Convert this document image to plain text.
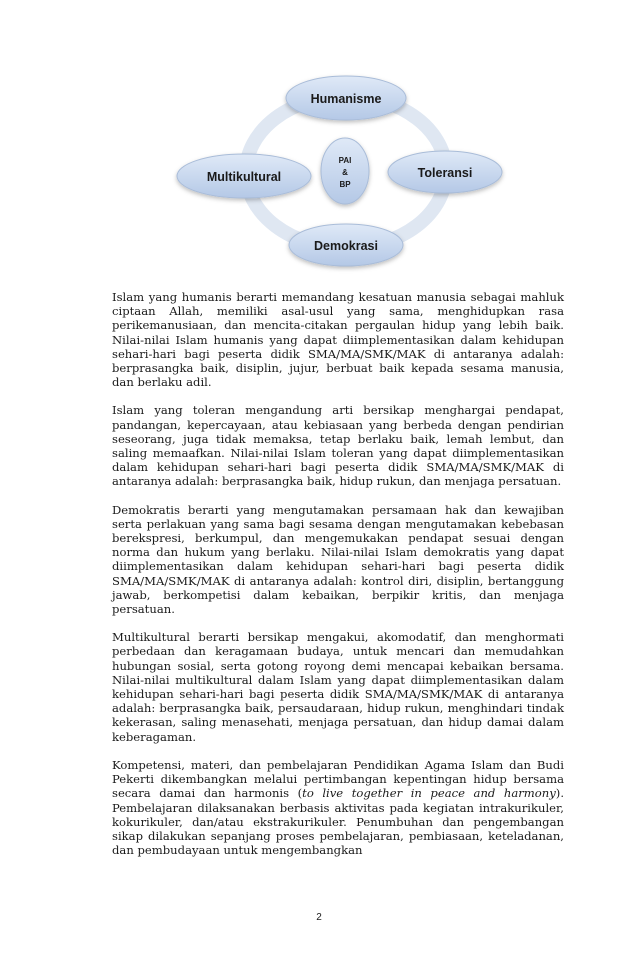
Humanisme
Toleransi
Demokrasi
Multikultural
PAI
&
BP

Islam yang humanis berarti memandang kesatuan manusia sebagai mahluk ciptaan Allah, memiliki asal-usul yang sama, menghidupkan rasa perikemanusiaan, dan mencita-citakan pergaulan hidup yang lebih baik. Nilai-nilai Islam humanis yang dapat diimplementasikan dalam kehidupan sehari-hari bagi peserta didik SMA/MA/SMK/MAK di antaranya adalah: berprasangka baik, disiplin, jujur, berbuat baik kepada sesama manusia, dan berlaku adil.

Islam yang toleran mengandung arti bersikap menghargai pendapat, pandangan, kepercayaan, atau kebiasaan yang berbeda dengan pendirian seseorang, juga tidak memaksa, tetap berlaku baik, lemah lembut, dan saling memaafkan. Nilai-nilai Islam toleran yang dapat diimplementasikan dalam kehidupan sehari-hari bagi peserta didik SMA/MA/SMK/MAK di antaranya adalah: berprasangka baik, hidup rukun, dan menjaga persatuan.

Demokratis berarti yang mengutamakan persamaan hak dan kewajiban serta perlakuan yang sama bagi sesama dengan mengutamakan kebebasan berekspresi, berkumpul, dan mengemukakan pendapat sesuai dengan norma dan hukum yang berlaku. Nilai-nilai Islam demokratis yang dapat diimplementasikan dalam kehidupan sehari-hari bagi peserta didik SMA/MA/SMK/MAK di antaranya adalah: kontrol diri, disiplin, bertanggung jawab, berkompetisi dalam kebaikan, berpikir kritis, dan menjaga persatuan.

Multikultural berarti bersikap mengakui, akomodatif, dan menghormati perbedaan dan keragamaan budaya, untuk mencari dan memudahkan hubungan sosial, serta gotong royong demi mencapai kebaikan bersama. Nilai-nilai multikultural dalam Islam yang dapat diimplementasikan dalam kehidupan sehari-hari bagi peserta didik SMA/MA/SMK/MAK di antaranya adalah: berprasangka baik, persaudaraan, hidup rukun, menghindari tindak kekerasan, saling menasehati, menjaga persatuan, dan hidup damai dalam keberagaman.

Kompetensi, materi, dan pembelajaran Pendidikan Agama Islam dan Budi Pekerti dikembangkan melalui pertimbangan kepentingan hidup bersama secara damai dan harmonis (to live together in peace and harmony). Pembelajaran dilaksanakan berbasis aktivitas pada kegiatan intrakurikuler, kokurikuler, dan/atau ekstrakurikuler. Penumbuhan dan pengembangan sikap dilakukan sepanjang proses pembelajaran, pembiasaan, keteladanan, dan pembudayaan untuk mengembangkan

2
